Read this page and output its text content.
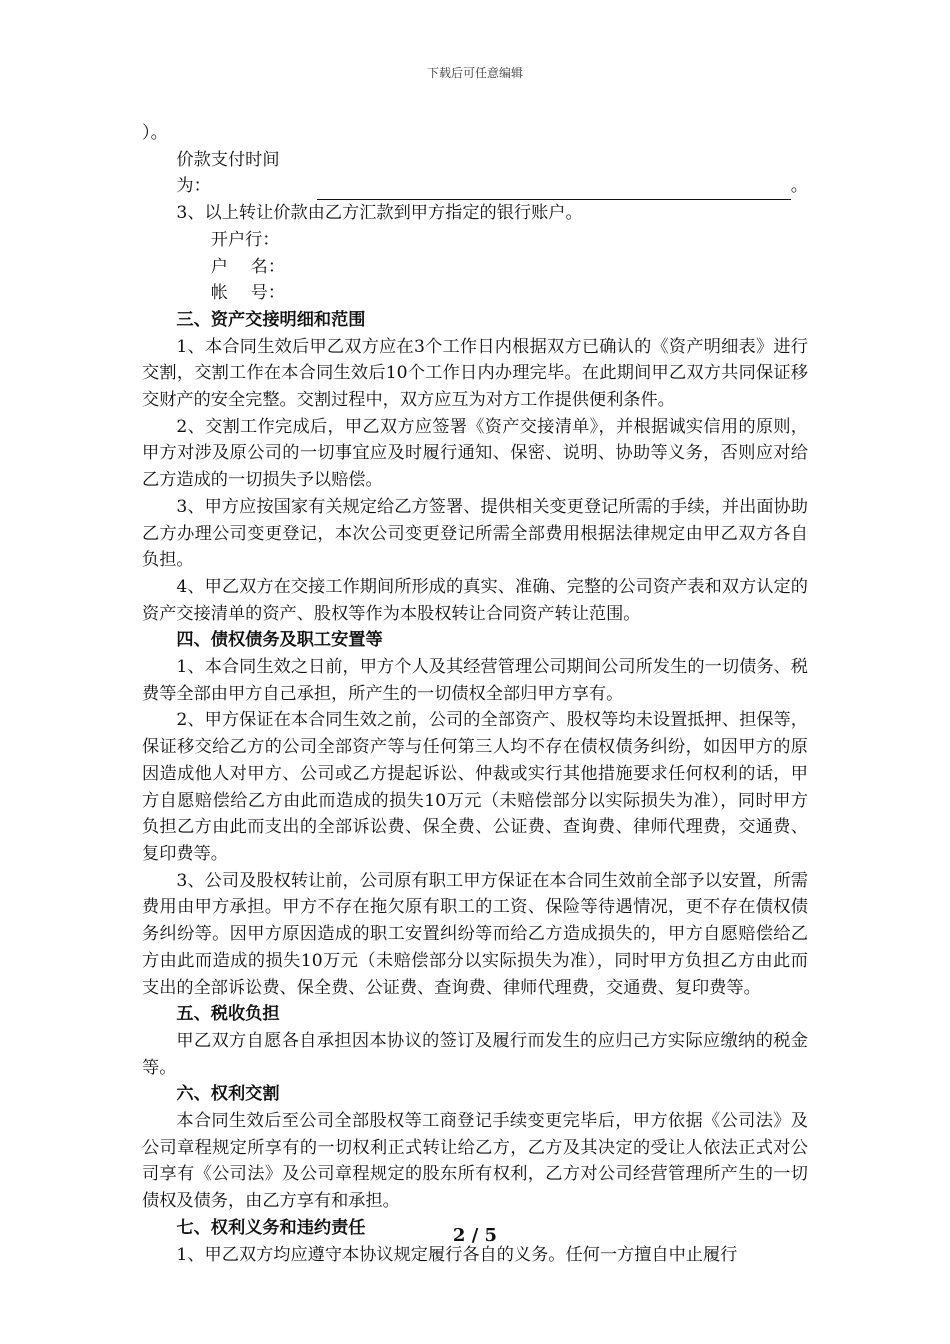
下载后可任意编辑

）。

价款支付时间为：	。

3、以上转让价款由乙方汇款到甲方指定的银行账户。

开户行：

户　 名：

帐　 号：

三、资产交接明细和范围

1、本合同生效后甲乙双方应在3个工作日内根据双方已确认的《资产明细表》进行交割，交割工作在本合同生效后10个工作日内办理完毕。在此期间甲乙双方共同保证移交财产的安全完整。交割过程中，双方应互为对方工作提供便利条件。

2、交割工作完成后，甲乙双方应签署《资产交接清单》，并根据诚实信用的原则，甲方对涉及原公司的一切事宜应及时履行通知、保密、说明、协助等义务，否则应对给乙方造成的一切损失予以赔偿。

3、甲方应按国家有关规定给乙方签署、提供相关变更登记所需的手续，并出面协助乙方办理公司变更登记，本次公司变更登记所需全部费用根据法律规定由甲乙双方各自负担。

4、甲乙双方在交接工作期间所形成的真实、准确、完整的公司资产表和双方认定的资产交接清单的资产、股权等作为本股权转让合同资产转让范围。

四、债权债务及职工安置等

1、本合同生效之日前，甲方个人及其经营管理公司期间公司所发生的一切债务、税费等全部由甲方自己承担，所产生的一切债权全部归甲方享有。

2、甲方保证在本合同生效之前，公司的全部资产、股权等均未设置抵押、担保等，保证移交给乙方的公司全部资产等与任何第三人均不存在债权债务纠纷，如因甲方的原因造成他人对甲方、公司或乙方提起诉讼、仲裁或实行其他措施要求任何权利的话，甲方自愿赔偿给乙方由此而造成的损失10万元（未赔偿部分以实际损失为准），同时甲方负担乙方由此而支出的全部诉讼费、保全费、公证费、查询费、律师代理费，交通费、复印费等。

3、公司及股权转让前，公司原有职工甲方保证在本合同生效前全部予以安置，所需费用由甲方承担。甲方不存在拖欠原有职工的工资、保险等待遇情况，更不存在债权债务纠纷等。因甲方原因造成的职工安置纠纷等而给乙方造成损失的，甲方自愿赔偿给乙方由此而造成的损失10万元（未赔偿部分以实际损失为准），同时甲方负担乙方由此而支出的全部诉讼费、保全费、公证费、查询费、律师代理费，交通费、复印费等。

五、税收负担

甲乙双方自愿各自承担因本协议的签订及履行而发生的应归己方实际应缴纳的税金等。

六、权利交割

本合同生效后至公司全部股权等工商登记手续变更完毕后，甲方依据《公司法》及公司章程规定所享有的一切权利正式转让给乙方，乙方及其决定的受让人依法正式对公司享有《公司法》及公司章程规定的股东所有权利，乙方对公司经营管理所产生的一切债权及债务，由乙方享有和承担。

七、权利义务和违约责任

1、甲乙双方均应遵守本协议规定履行各自的义务。任何一方擅自中止履行

2 / 5
